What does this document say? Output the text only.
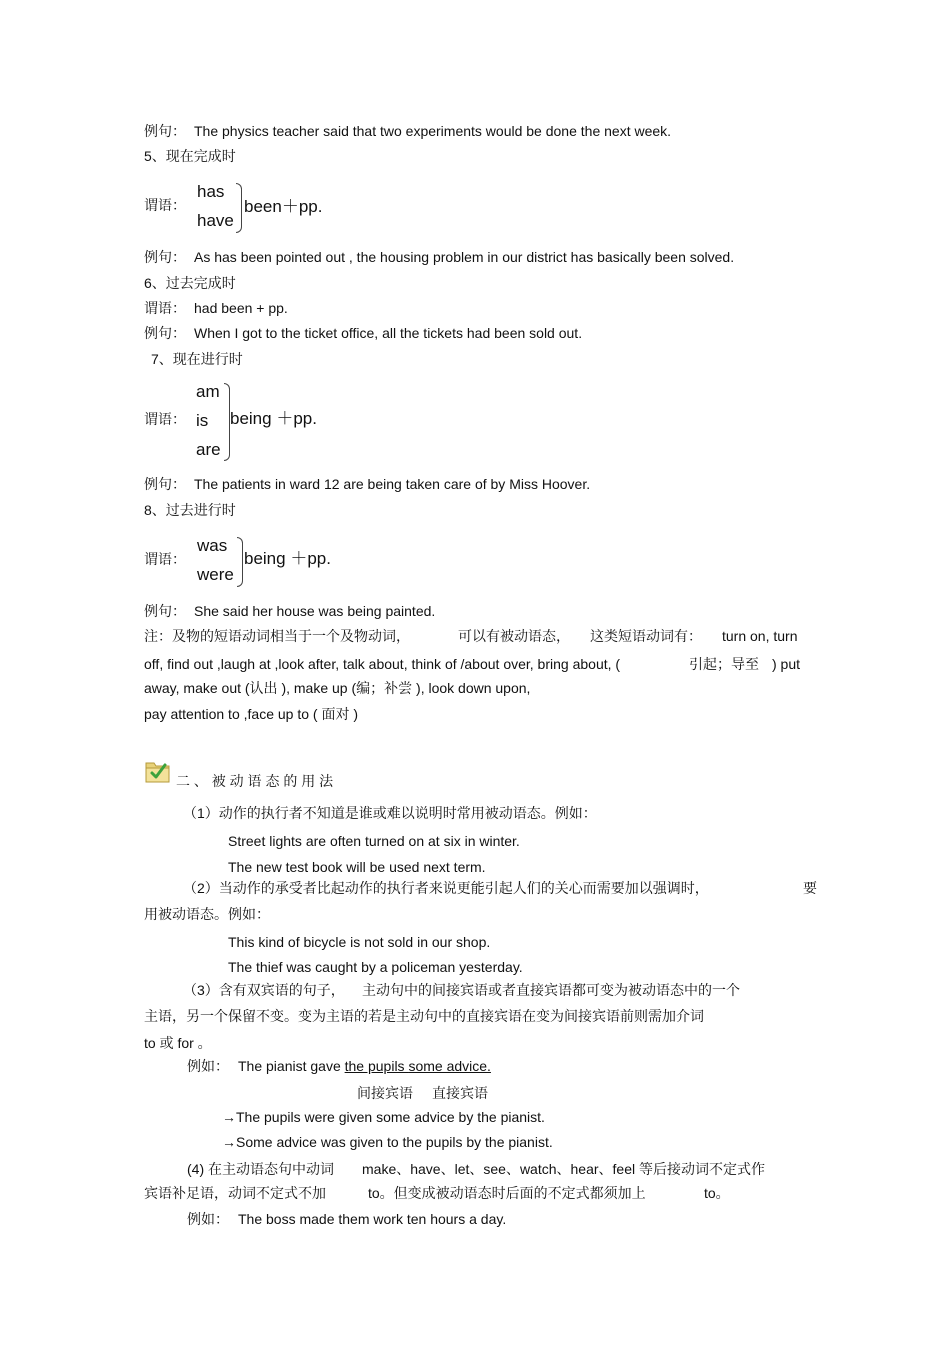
例句： The physics teacher said that two experiments would be done the next week.
5、现在完成时
谓语：
has
have
been＋pp.
例句： As has been pointed out , the housing problem in our district has basically been solved.
6、过去完成时
谓语： had been + pp.
例句： When I got to the ticket office, all the tickets had been sold out.
7、现在进行时
谓语：
am
is
are
being ＋pp.
例句： The patients in ward 12 are being taken care of by Miss Hoover.
8、过去进行时
谓语：
was
were
being ＋pp.
例句： She said her house was being painted.
注：及物的短语动词相当于一个及物动词，	可以有被动语态， 这类短语动词有： turn on, turn
off, find out ,laugh at ,look after, talk about, think of /about over, bring about, (	引起；导至 ) put
away, make out (认出 ), make up (编；补尝 ), look down upon,
pay attention to ,face up to ( 面对 )
二 、 被 动 语 态 的 用 法
（1）动作的执行者不知道是谁或难以说明时常用被动语态。例如：
Street lights are often turned on at six in winter.
The new test book will be used next term.
（2）当动作的承受者比起动作的执行者来说更能引起人们的关心而需要加以强调时，	要
用被动语态。例如：
This kind of bicycle is not sold in our shop.
The thief was caught by a policeman yesterday.
（3）含有双宾语的句子， 主动句中的间接宾语或者直接宾语都可变为被动语态中的一个
主语，另一个保留不变。变为主语的若是主动句中的直接宾语在变为间接宾语前则需加介词
to 或 for 。
例如： The pianist gave the pupils some advice.
间接宾语 直接宾语
→The pupils were given some advice by the pianist.
→Some advice was given to the pupils by the pianist.
(4) 在主动语态句中动词 make、have、let、see、watch、hear、feel 等后接动词不定式作
宾语补足语，动词不定式不加	to。但变成被动语态时后面的不定式都须加上	to。
例如： The boss made them work ten hours a day.
